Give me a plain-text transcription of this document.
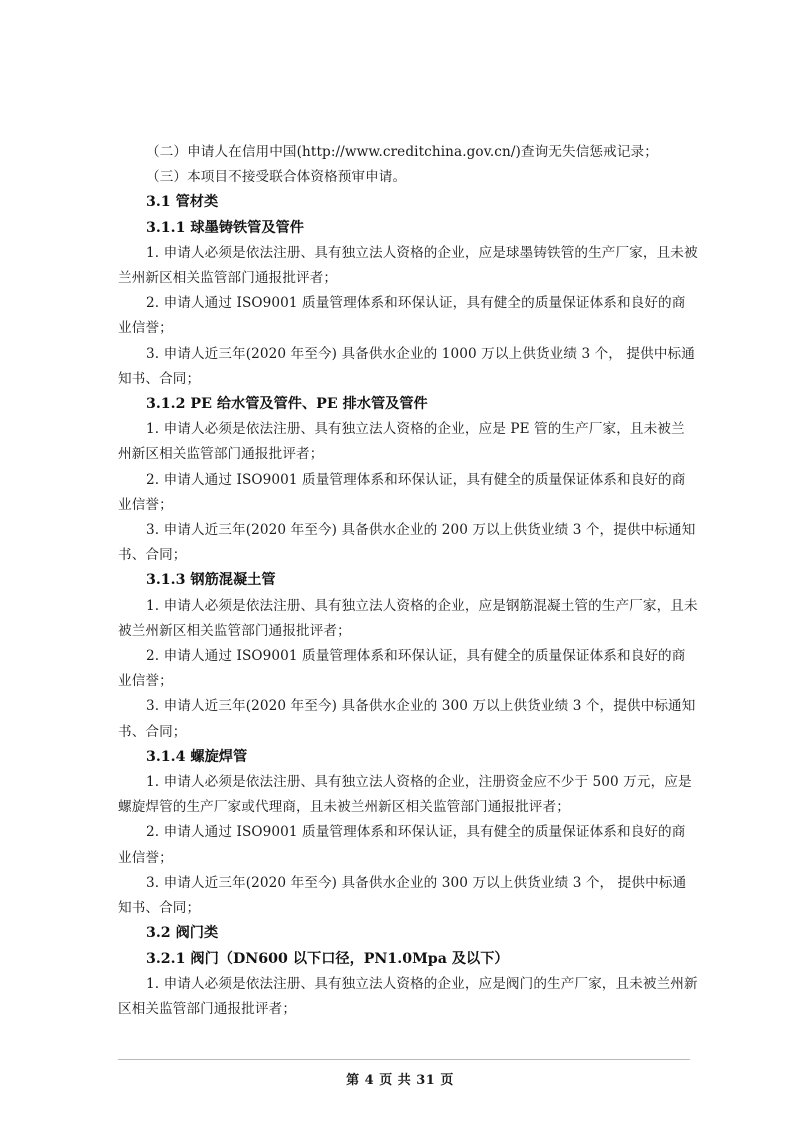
（二）申请人在信用中国(http://www.creditchina.gov.cn/)查询无失信惩戒记录；
（三）本项目不接受联合体资格预审申请。
3.1 管材类
3.1.1 球墨铸铁管及管件
1. 申请人必须是依法注册、具有独立法人资格的企业，应是球墨铸铁管的生产厂家，且未被兰州新区相关监管部门通报批评者；
2. 申请人通过 ISO9001 质量管理体系和环保认证，具有健全的质量保证体系和良好的商业信誉；
3. 申请人近三年(2020 年至今) 具备供水企业的 1000 万以上供货业绩 3 个， 提供中标通知书、合同；
3.1.2 PE 给水管及管件、PE 排水管及管件
1. 申请人必须是依法注册、具有独立法人资格的企业，应是 PE 管的生产厂家，且未被兰州新区相关监管部门通报批评者；
2. 申请人通过 ISO9001 质量管理体系和环保认证，具有健全的质量保证体系和良好的商业信誉；
3. 申请人近三年(2020 年至今) 具备供水企业的 200 万以上供货业绩 3 个，提供中标通知书、合同；
3.1.3 钢筋混凝土管
1. 申请人必须是依法注册、具有独立法人资格的企业，应是钢筋混凝土管的生产厂家，且未被兰州新区相关监管部门通报批评者；
2. 申请人通过 ISO9001 质量管理体系和环保认证，具有健全的质量保证体系和良好的商业信誉；
3. 申请人近三年(2020 年至今) 具备供水企业的 300 万以上供货业绩 3 个，提供中标通知书、合同；
3.1.4 螺旋焊管
1. 申请人必须是依法注册、具有独立法人资格的企业，注册资金应不少于 500 万元，应是螺旋焊管的生产厂家或代理商，且未被兰州新区相关监管部门通报批评者；
2. 申请人通过 ISO9001 质量管理体系和环保认证，具有健全的质量保证体系和良好的商业信誉；
3. 申请人近三年(2020 年至今) 具备供水企业的 300 万以上供货业绩 3 个， 提供中标通知书、合同；
3.2 阀门类
3.2.1 阀门（DN600 以下口径，PN1.0Mpa 及以下）
1. 申请人必须是依法注册、具有独立法人资格的企业，应是阀门的生产厂家，且未被兰州新区相关监管部门通报批评者；
第 4 页 共 31 页
